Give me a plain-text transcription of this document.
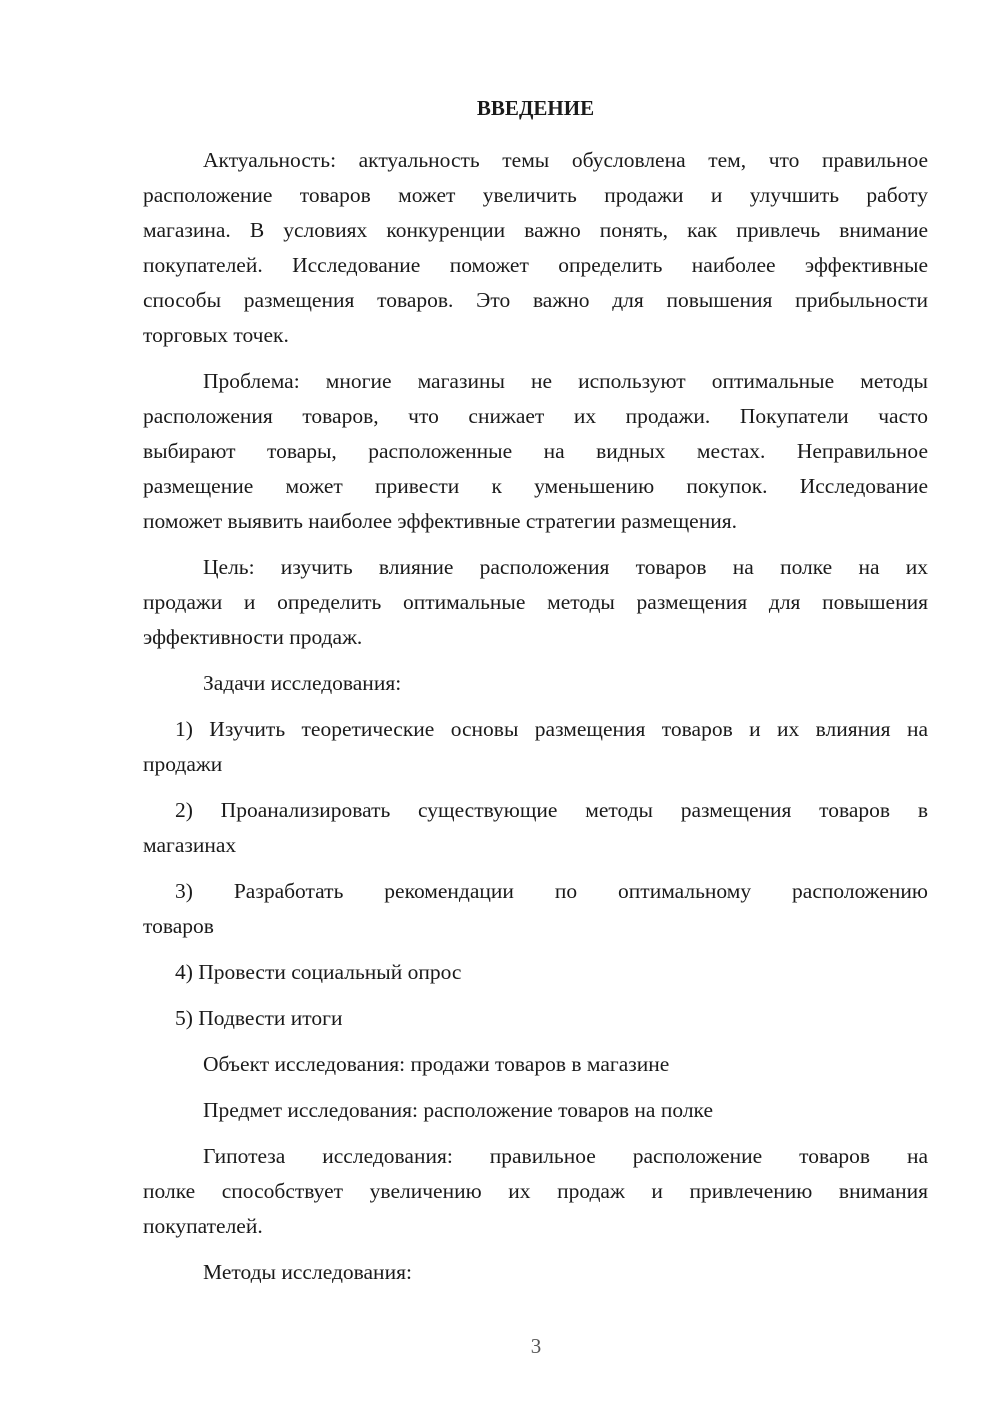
ВВЕДЕНИЕ
Актуальность: актуальность темы обусловлена тем, что правильное
расположение товаров может увеличить продажи и улучшить работу
магазина. В условиях конкуренции важно понять, как привлечь внимание
покупателей. Исследование поможет определить наиболее эффективные
способы размещения товаров. Это важно для повышения прибыльности
торговых точек.
Проблема: многие магазины не используют оптимальные методы
расположения товаров, что снижает их продажи. Покупатели часто
выбирают товары, расположенные на видных местах. Неправильное
размещение может привести к уменьшению покупок. Исследование
поможет выявить наиболее эффективные стратегии размещения.
Цель: изучить влияние расположения товаров на полке на их
продажи и определить оптимальные методы размещения для повышения
эффективности продаж.
Задачи исследования:
1) Изучить теоретические основы размещения товаров и их влияния на
продажи
2) Проанализировать существующие методы размещения товаров в
магазинах
3) Разработать рекомендации по оптимальному расположению
товаров
4) Провести социальный опрос
5) Подвести итоги
Объект исследования: продажи товаров в магазине
Предмет исследования: расположение товаров на полке
Гипотеза исследования: правильное расположение товаров на
полке способствует увеличению их продаж и привлечению внимания
покупателей.
Методы исследования:
3
